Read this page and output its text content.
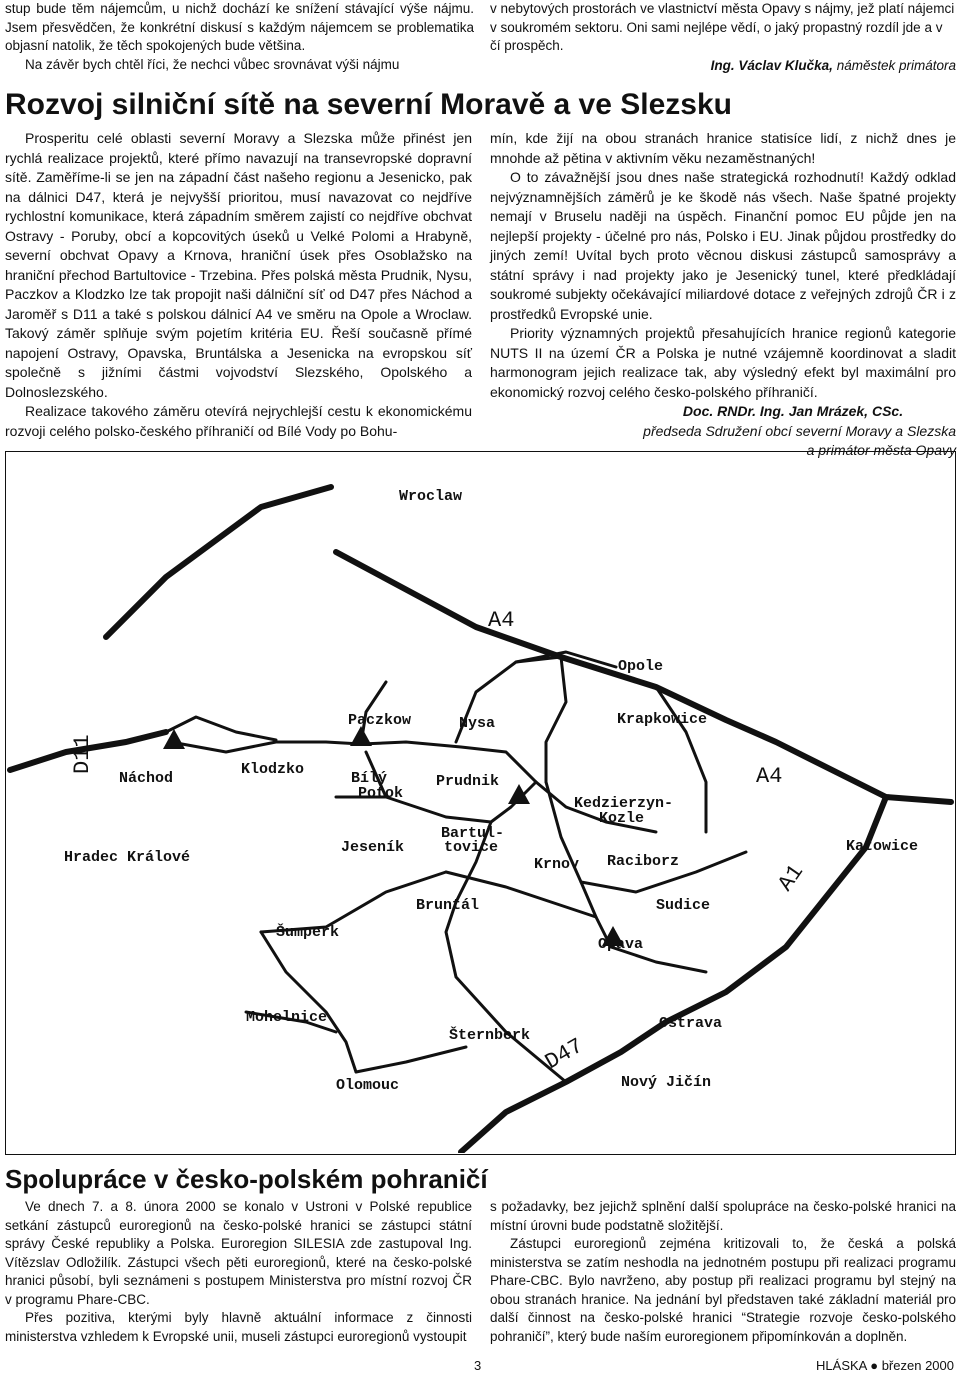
stup bude těm nájemcům, u nichž dochází ke snížení stávající výše nájmu. Jsem přesvědčen, že konkrétní diskusí s každým nájemcem se problematika objasní natolik, že těch spokojených bude většina.

Na závěr bych chtěl říci, že nechci vůbec srovnávat výši nájmu

v nebytových prostorách ve vlastnictví města Opavy s nájmy, jež platí nájemci v soukromém sektoru. Oni sami nejlépe vědí, o jaký propastný rozdíl jde a v čí prospěch.

Ing. Václav Klučka, náměstek primátora

Rozvoj silniční sítě na severní Moravě a ve Slezsku

Prosperitu celé oblasti severní Moravy a Slezska může přinést jen rychlá realizace projektů, které přímo navazují na transevropské dopravní sítě. Zaměříme-li se jen na západní část našeho regionu a Jesenicko, pak na dálnici D47, která je nejvyšší prioritou, musí navazovat co nejdříve rychlostní komunikace, která západním směrem zajistí co nejdříve obchvat Ostravy - Poruby, obcí a kopcovitých úseků u Velké Polomi a Hrabyně, severní obchvat Opavy a Krnova, hraniční úsek přes Osoblažsko na hraniční přechod Bartultovice - Trzebina. Přes polská města Prudnik, Nysu, Paczkov a Klodzko lze tak propojit naši dálniční síť od D47 přes Náchod a Jaroměř s D11 a také s polskou dálnicí A4 ve směru na Opole a Wroclaw. Takový záměr splňuje svým pojetím kritéria EU. Řeší současně přímé napojení Ostravy, Opavska, Bruntálska a Jesenicka na evropskou síť společně s jižními částmi vojvodství Slezského, Opolského a Dolnoslezského.

Realizace takového záměru otevírá nejrychlejší cestu k ekonomickému rozvoji celého polsko-českého příhraničí od Bílé Vody po Bohu-

mín, kde žijí na obou stranách hranice statisíce lidí, z nichž dnes je mnohde až pětina v aktivním věku nezaměstnaných!

O to závažnější jsou dnes naše strategická rozhodnutí! Každý odklad nejvýznamnějších záměrů je ke škodě nás všech. Naše špatné projekty nemají v Bruselu naději na úspěch. Finanční pomoc EU půjde jen na nejlepší projekty - účelné pro nás, Polsko i EU. Jinak půjdou prostředky do jiných zemí! Uvítal bych proto věcnou diskusi zástupců samosprávy a státní správy i nad projekty jako je Jesenický tunel, které předkládají soukromé subjekty očekávající miliardové dotace z veřejných zdrojů ČR i z prostředků Evropské unie.

Priority významných projektů přesahujících hranice regionů kategorie NUTS II na území ČR a Polska je nutné vzájemně koordinovat a sladit harmonogram jejich realizace tak, aby výsledný efekt byl maximální pro ekonomický rozvoj celého česko-polského příhraničí.

Doc. RNDr. Ing. Jan Mrázek, CSc.

předseda Sdružení obcí severní Moravy a Slezska

a primátor města Opavy

Wroclaw
Opole
Paczkow	Nysa	Krapkowice
Náchod
Klodzko
Bílý
Potok
Prudnik
Kedzierzyn-
Kozle
Hradec Králové
Jeseník
Bartul-
tovice
Krnov Raciborz
Katowice
Bruntál	Sudice
Šumperk
Opava
Mohelnice
Šternberk
Ostrava
Olomouc	Nový Jičín
A4
A4
D11
A1
D47
Spolupráce v česko-polském pohraničí

Ve dnech 7. a 8. února 2000 se konalo v Ustroni v Polské republice setkání zástupců euroregionů na česko-polské hranici se zástupci státní správy České republiky a Polska. Euroregion SILESIA zde zastupoval Ing. Vítězslav Odložilík. Zástupci všech pěti euroregionů, které na česko-polské hranici působí, byli seznámeni s postupem Ministerstva pro místní rozvoj ČR v programu Phare-CBC.

Přes pozitiva, kterými byly hlavně aktuální informace z činnosti ministerstva vzhledem k Evropské unii, museli zástupci euroregionů vystoupit

s požadavky, bez jejichž splnění další spolupráce na česko-polské hranici na místní úrovni bude podstatně složitější.

Zástupci euroregionů zejména kritizovali to, že česká a polská ministerstva se zatím neshodla na jednotném postupu při realizaci programu Phare-CBC. Bylo navrženo, aby postup při realizaci programu byl stejný na obou stranách hranice. Na jednání byl představen také základní materiál pro další činnost na česko-polské hranici “Strategie rozvoje česko-polského pohraničí”, který bude naším euroregionem připomínkován a doplněn.

3	HLÁSKA ● březen 2000
